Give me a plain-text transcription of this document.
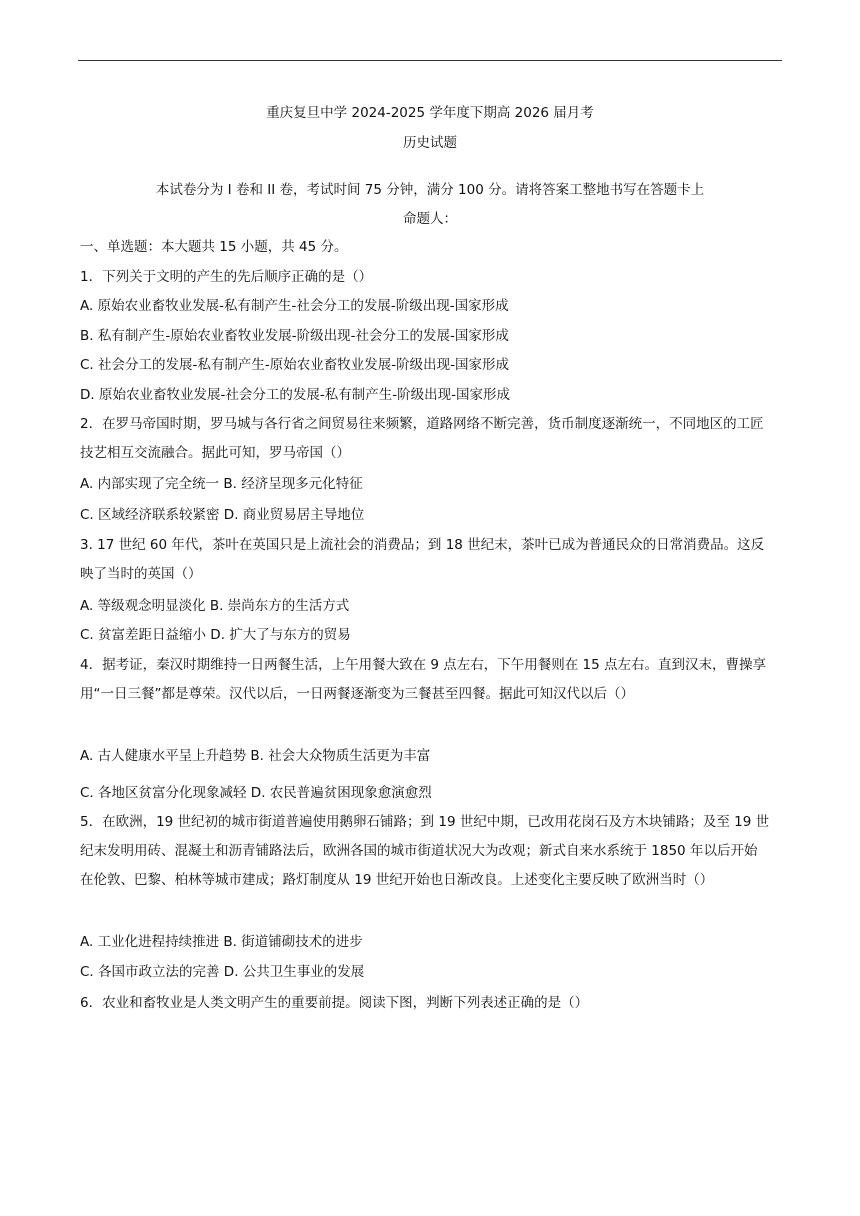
重庆复旦中学 2024-2025 学年度下期高 2026 届月考
历史试题
本试卷分为 I 卷和 II 卷，考试时间 75 分钟，满分 100 分。请将答案工整地书写在答题卡上
命题人：
一、单选题：本大题共 15 小题，共 45 分。
1．下列关于文明的产生的先后顺序正确的是（）
A. 原始农业畜牧业发展-私有制产生-社会分工的发展-阶级出现-国家形成
B. 私有制产生-原始农业畜牧业发展-阶级出现-社会分工的发展-国家形成
C. 社会分工的发展-私有制产生-原始农业畜牧业发展-阶级出现-国家形成
D. 原始农业畜牧业发展-社会分工的发展-私有制产生-阶级出现-国家形成
2．在罗马帝国时期，罗马城与各行省之间贸易往来频繁，道路网络不断完善，货币制度逐渐统一，不同地区的工匠技艺相互交流融合。据此可知，罗马帝国（）
A. 内部实现了完全统一 B. 经济呈现多元化特征
C. 区域经济联系较紧密 D. 商业贸易居主导地位
3. 17 世纪 60 年代，茶叶在英国只是上流社会的消费品；到 18 世纪末，茶叶已成为普通民众的日常消费品。这反映了当时的英国（）
A. 等级观念明显淡化 B. 崇尚东方的生活方式
C. 贫富差距日益缩小 D. 扩大了与东方的贸易
4．据考证，秦汉时期维持一日两餐生活，上午用餐大致在 9 点左右，下午用餐则在 15 点左右。直到汉末，曹操享用“一日三餐”都是尊荣。汉代以后，一日两餐逐渐变为三餐甚至四餐。据此可知汉代以后（）
A. 古人健康水平呈上升趋势 B. 社会大众物质生活更为丰富
C. 各地区贫富分化现象减轻 D. 农民普遍贫困现象愈演愈烈
5．在欧洲，19 世纪初的城市街道普遍使用鹅卵石铺路；到 19 世纪中期，已改用花岗石及方木块铺路；及至 19 世纪末发明用砖、混凝土和沥青铺路法后，欧洲各国的城市街道状况大为改观；新式自来水系统于 1850 年以后开始在伦敦、巴黎、柏林等城市建成；路灯制度从 19 世纪开始也日渐改良。上述变化主要反映了欧洲当时（）
A. 工业化进程持续推进 B. 街道铺砌技术的进步
C. 各国市政立法的完善 D. 公共卫生事业的发展
6．农业和畜牧业是人类文明产生的重要前提。阅读下图，判断下列表述正确的是（）
